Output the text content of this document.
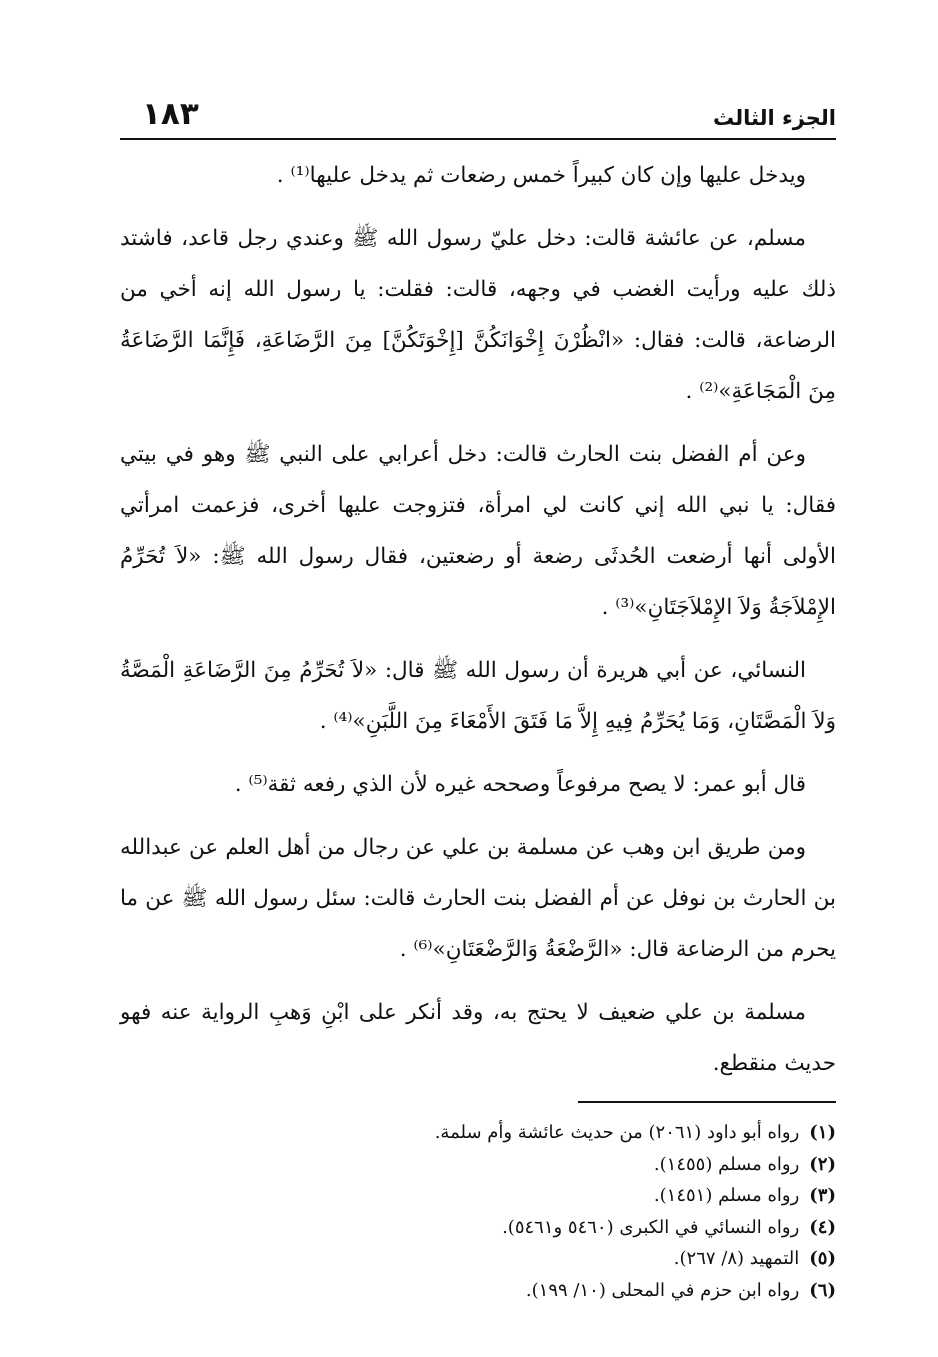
الجزء الثالث
١٨٣

ويدخل عليها وإن كان كبيراً خمس رضعات ثم يدخل عليها⁽¹⁾ .

مسلم، عن عائشة قالت: دخل عليّ رسول الله ﷺ وعندي رجل قاعد، فاشتد ذلك عليه ورأيت الغضب في وجهه، قالت: فقلت: يا رسول الله إنه أخي من الرضاعة، قالت: فقال: «انْظُرْنَ إِخْوَانَكُنَّ [إِخْوَتَكُنَّ] مِنَ الرَّضَاعَةِ، فَإِنَّمَا الرَّضَاعَةُ مِنَ الْمَجَاعَةِ»⁽²⁾ .

وعن أم الفضل بنت الحارث قالت: دخل أعرابي على النبي ﷺ وهو في بيتي فقال: يا نبي الله إني كانت لي امرأة، فتزوجت عليها أخرى، فزعمت امرأتي الأولى أنها أرضعت الحُدثَى رضعة أو رضعتين، فقال رسول الله ﷺ: «لاَ تُحَرِّمُ الإِمْلاَجَةُ وَلاَ الإِمْلاَجَتَانِ»⁽³⁾ .

النسائي، عن أبي هريرة أن رسول الله ﷺ قال: «لاَ تُحَرِّمُ مِنَ الرَّضَاعَةِ الْمَصَّةُ وَلاَ الْمَصَّتَانِ، وَمَا يُحَرِّمُ فِيهِ إِلاَّ مَا فَتَقَ الأَمْعَاءَ مِنَ اللَّبَنِ»⁽⁴⁾ .

قال أبو عمر: لا يصح مرفوعاً وصححه غيره لأن الذي رفعه ثقة⁽⁵⁾ .

ومن طريق ابن وهب عن مسلمة بن علي عن رجال من أهل العلم عن عبدالله بن الحارث بن نوفل عن أم الفضل بنت الحارث قالت: سئل رسول الله ﷺ عن ما يحرم من الرضاعة قال: «الرَّضْعَةُ وَالرَّضْعَتَانِ»⁽⁶⁾ .

مسلمة بن علي ضعيف لا يحتج به، وقد أنكر على ابْنِ وَهبِ الرواية عنه فهو حديث منقطع.

(١)رواه أبو داود (٢٠٦١) من حديث عائشة وأم سلمة.
(٢)رواه مسلم (١٤٥٥).
(٣)رواه مسلم (١٤٥١).
(٤)رواه النسائي في الكبرى (٥٤٦٠ و٥٤٦١).
(٥)التمهيد (٨/ ٢٦٧).
(٦)رواه ابن حزم في المحلى (١٠/ ١٩٩).
